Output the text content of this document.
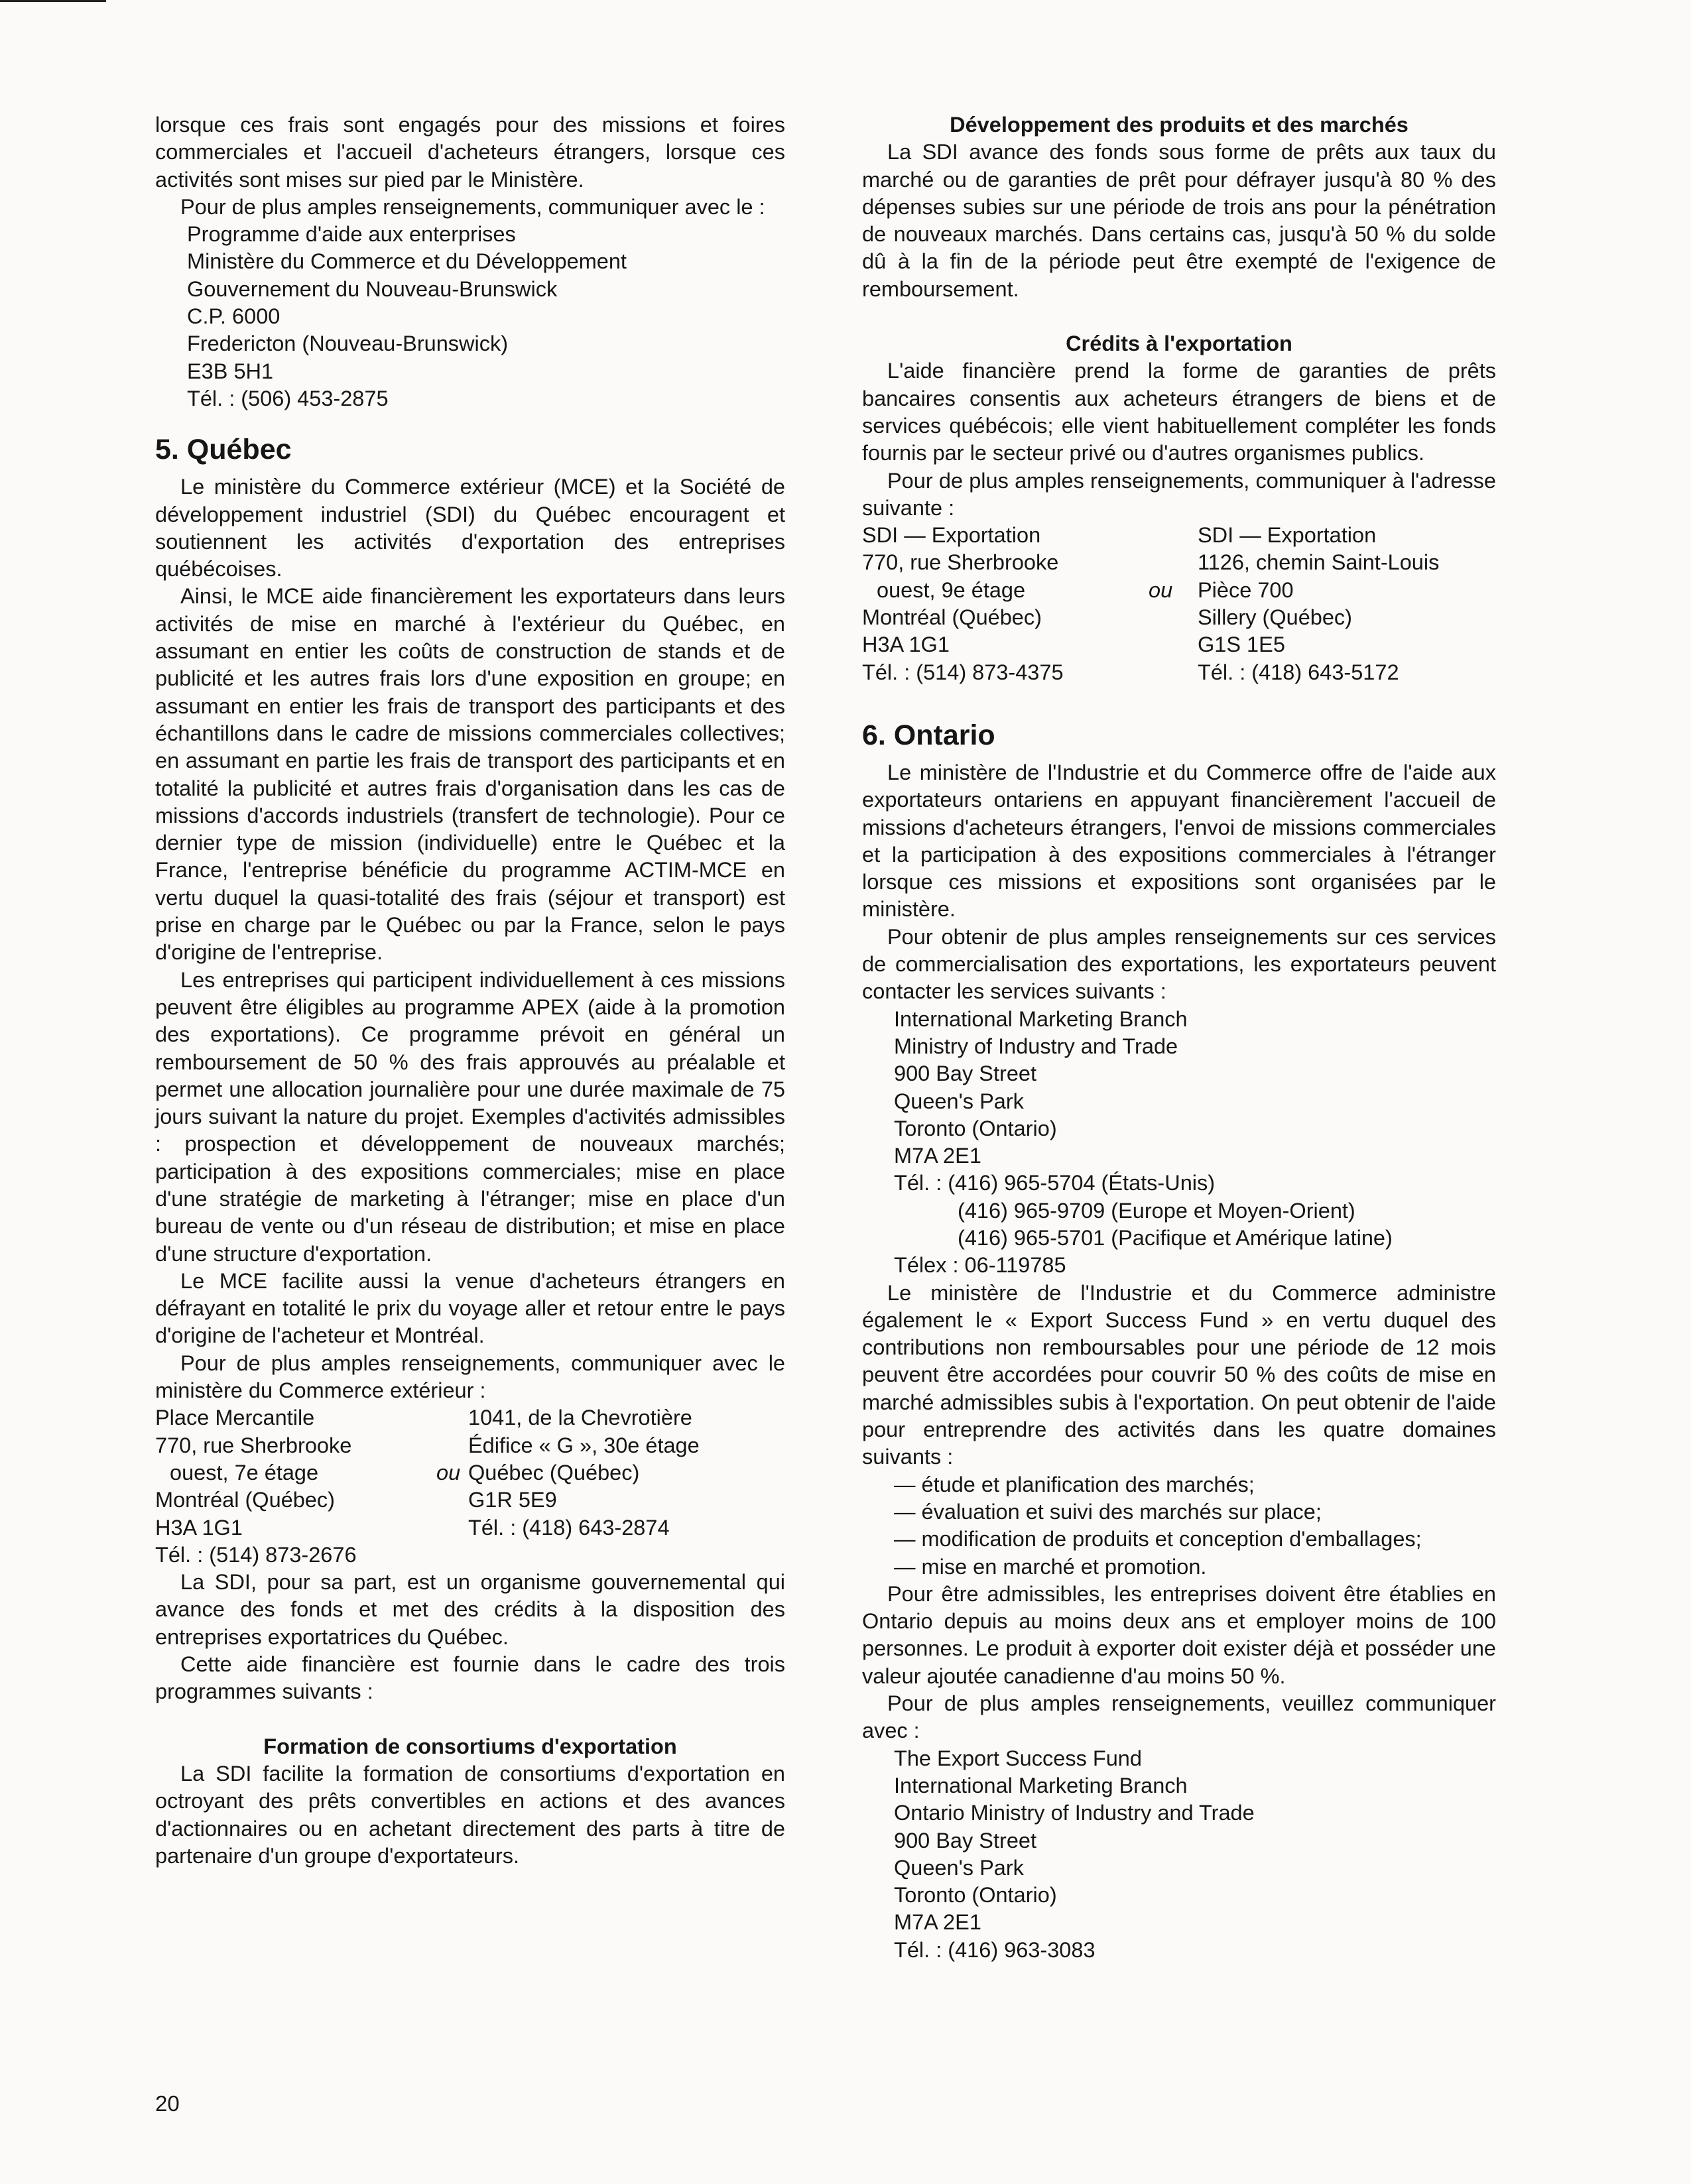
lorsque ces frais sont engagés pour des missions et foires commerciales et l'accueil d'acheteurs étrangers, lorsque ces activités sont mises sur pied par le Ministère.

Pour de plus amples renseignements, communiquer avec le :

Programme d'aide aux enterprises
Ministère du Commerce et du Développement
Gouvernement du Nouveau-Brunswick
C.P. 6000
Fredericton (Nouveau-Brunswick)
E3B 5H1
Tél. : (506) 453-2875
5. Québec

Le ministère du Commerce extérieur (MCE) et la Société de développement industriel (SDI) du Québec encouragent et soutiennent les activités d'exportation des entreprises québécoises.

Ainsi, le MCE aide financièrement les exportateurs dans leurs activités de mise en marché à l'extérieur du Québec, en assumant en entier les coûts de construction de stands et de publicité et les autres frais lors d'une exposition en groupe; en assumant en entier les frais de transport des participants et des échantillons dans le cadre de missions commerciales collectives; en assumant en partie les frais de transport des participants et en totalité la publicité et autres frais d'organisation dans les cas de missions d'accords industriels (transfert de technologie). Pour ce dernier type de mission (individuelle) entre le Québec et la France, l'entreprise bénéficie du programme ACTIM-MCE en vertu duquel la quasi-totalité des frais (séjour et transport) est prise en charge par le Québec ou par la France, selon le pays d'origine de l'entreprise.

Les entreprises qui participent individuellement à ces missions peuvent être éligibles au programme APEX (aide à la promotion des exportations). Ce programme prévoit en général un remboursement de 50 % des frais approuvés au préalable et permet une allocation journalière pour une durée maximale de 75 jours suivant la nature du projet. Exemples d'activités admissibles : prospection et développement de nouveaux marchés; participation à des expositions commerciales; mise en place d'une stratégie de marketing à l'étranger; mise en place d'un bureau de vente ou d'un réseau de distribution; et mise en place d'une structure d'exportation.

Le MCE facilite aussi la venue d'acheteurs étrangers en défrayant en totalité le prix du voyage aller et retour entre le pays d'origine de l'acheteur et Montréal.

Pour de plus amples renseignements, communiquer avec le ministère du Commerce extérieur :

Place Mercantile	1041, de la Chevrotière
770, rue Sherbrooke	Édifice « G », 30e étage
ouest, 7e étage	ou Québec (Québec)
Montréal (Québec)	G1R 5E9
H3A 1G1	Tél. : (418) 643-2874
Tél. : (514) 873-2676

La SDI, pour sa part, est un organisme gouvernemental qui avance des fonds et met des crédits à la disposition des entreprises exportatrices du Québec.

Cette aide financière est fournie dans le cadre des trois programmes suivants :

Formation de consortiums d'exportation

La SDI facilite la formation de consortiums d'exportation en octroyant des prêts convertibles en actions et des avances d'actionnaires ou en achetant directement des parts à titre de partenaire d'un groupe d'exportateurs.

Développement des produits et des marchés

La SDI avance des fonds sous forme de prêts aux taux du marché ou de garanties de prêt pour défrayer jusqu'à 80 % des dépenses subies sur une période de trois ans pour la pénétration de nouveaux marchés. Dans certains cas, jusqu'à 50 % du solde dû à la fin de la période peut être exempté de l'exigence de remboursement.

Crédits à l'exportation

L'aide financière prend la forme de garanties de prêts bancaires consentis aux acheteurs étrangers de biens et de services québécois; elle vient habituellement compléter les fonds fournis par le secteur privé ou d'autres organismes publics.

Pour de plus amples renseignements, communiquer à l'adresse suivante :

SDI — Exportation	SDI — Exportation
770, rue Sherbrooke	1126, chemin Saint-Louis
ouest, 9e étage	ou Pièce 700
Montréal (Québec)	Sillery (Québec)
H3A 1G1	G1S 1E5
Tél. : (514) 873-4375	Tél. : (418) 643-5172
6. Ontario

Le ministère de l'Industrie et du Commerce offre de l'aide aux exportateurs ontariens en appuyant financièrement l'accueil de missions d'acheteurs étrangers, l'envoi de missions commerciales et la participation à des expositions commerciales à l'étranger lorsque ces missions et expositions sont organisées par le ministère.

Pour obtenir de plus amples renseignements sur ces services de commercialisation des exportations, les exportateurs peuvent contacter les services suivants :

International Marketing Branch
Ministry of Industry and Trade
900 Bay Street
Queen's Park
Toronto (Ontario)
M7A 2E1
Tél. : (416) 965-5704 (États-Unis)
(416) 965-9709 (Europe et Moyen-Orient)
(416) 965-5701 (Pacifique et Amérique latine)
Télex : 06-119785

Le ministère de l'Industrie et du Commerce administre également le « Export Success Fund » en vertu duquel des contributions non remboursables pour une période de 12 mois peuvent être accordées pour couvrir 50 % des coûts de mise en marché admissibles subis à l'exportation. On peut obtenir de l'aide pour entreprendre des activités dans les quatre domaines suivants :

— étude et planification des marchés;
— évaluation et suivi des marchés sur place;
— modification de produits et conception d'emballages;
— mise en marché et promotion.

Pour être admissibles, les entreprises doivent être établies en Ontario depuis au moins deux ans et employer moins de 100 personnes. Le produit à exporter doit exister déjà et posséder une valeur ajoutée canadienne d'au moins 50 %.

Pour de plus amples renseignements, veuillez communiquer avec :

The Export Success Fund
International Marketing Branch
Ontario Ministry of Industry and Trade
900 Bay Street
Queen's Park
Toronto (Ontario)
M7A 2E1
Tél. : (416) 963-3083
20
